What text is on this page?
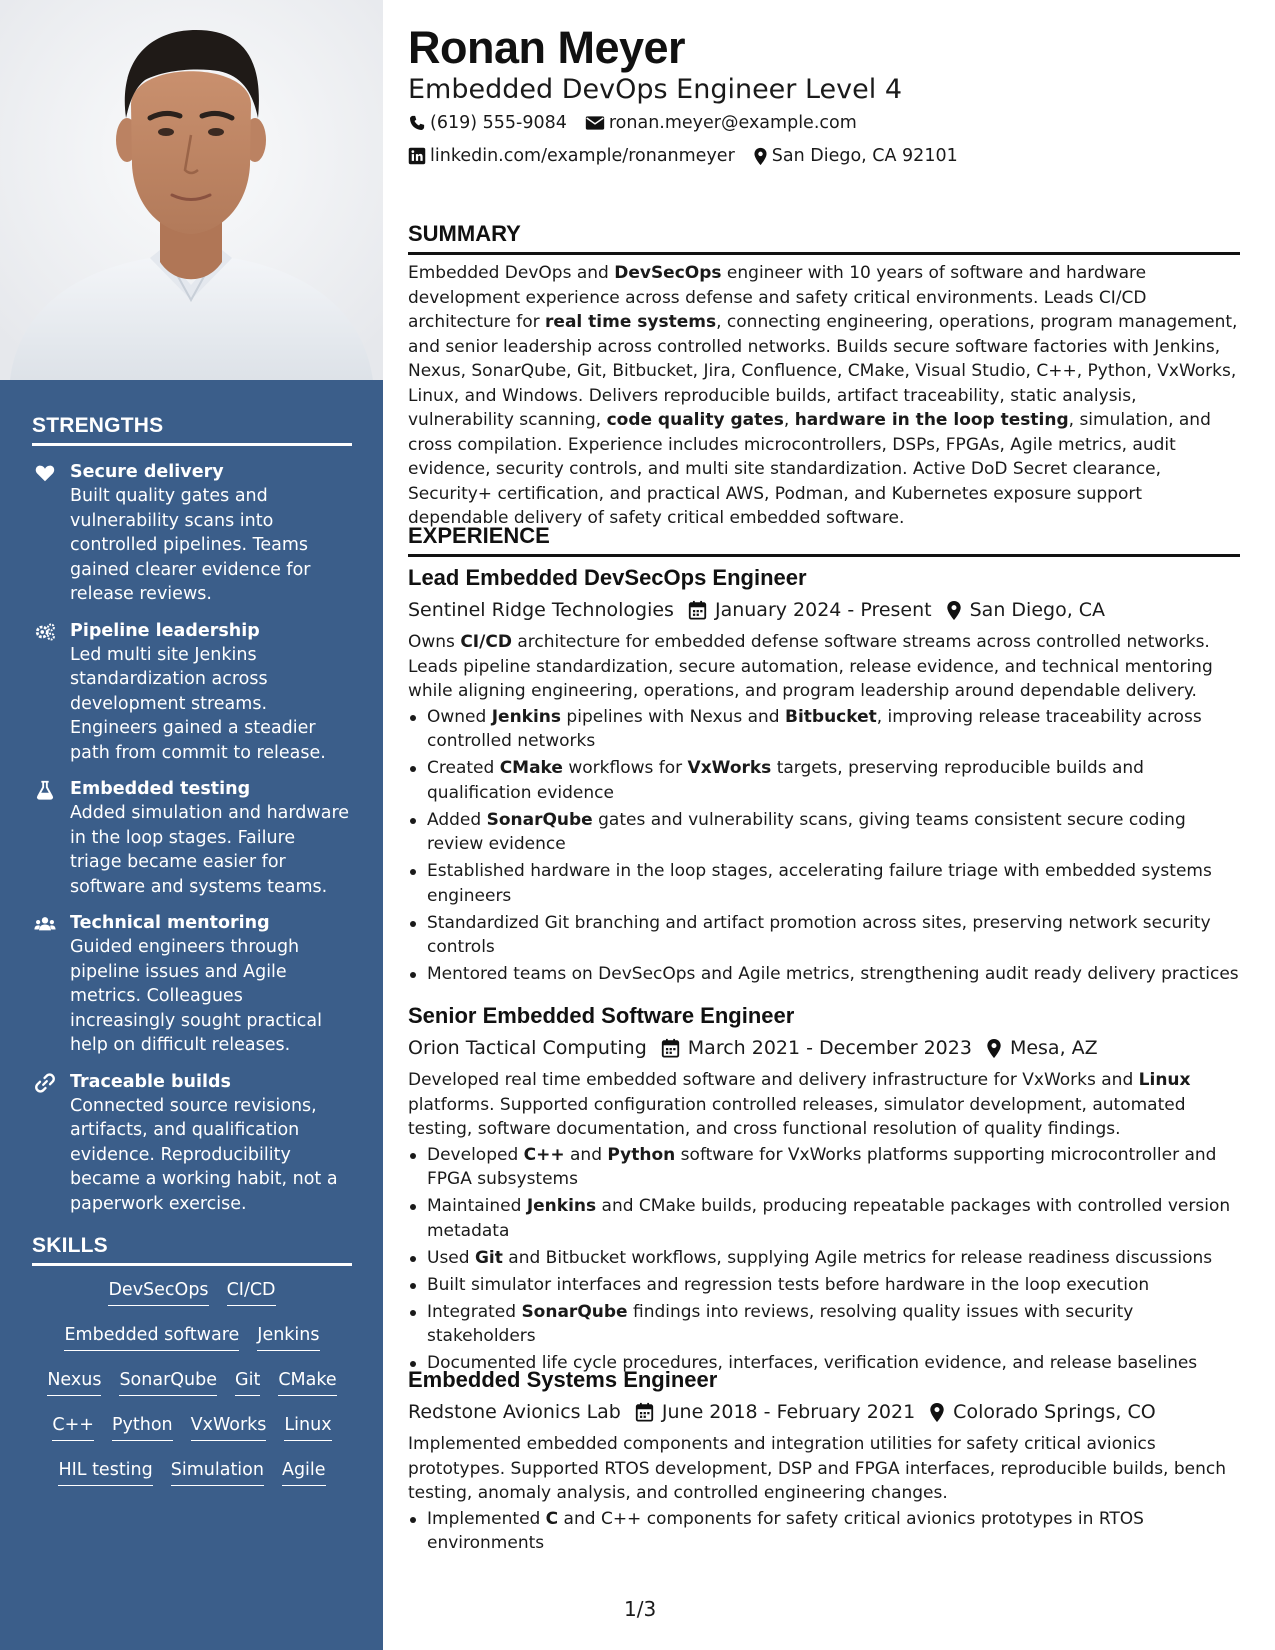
STRENGTHS
Secure delivery
Built quality gates and vulnerability scans into controlled pipelines. Teams gained clearer evidence for release reviews.
Pipeline leadership
Led multi site Jenkins standardization across development streams. Engineers gained a steadier path from commit to release.
Embedded testing
Added simulation and hardware in the loop stages. Failure triage became easier for software and systems teams.
Technical mentoring
Guided engineers through pipeline issues and Agile metrics. Colleagues increasingly sought practical help on difficult releases.
Traceable builds
Connected source revisions, artifacts, and qualification evidence. Reproducibility became a working habit, not a paperwork exercise.
SKILLS
DevSecOps CI/CD
Embedded software Jenkins
Nexus SonarQube Git CMake
C++ Python VxWorks Linux
HIL testing Simulation Agile
Ronan Meyer
Embedded DevOps Engineer Level 4
(619) 555-9084 ronan.meyer@example.com
linkedin.com/example/ronanmeyer San Diego, CA 92101
SUMMARY

Embedded DevOps and DevSecOps engineer with 10 years of software and hardware development experience across defense and safety critical environments. Leads CI/CD architecture for real time systems, connecting engineering, operations, program management, and senior leadership across controlled networks. Builds secure software factories with Jenkins, Nexus, SonarQube, Git, Bitbucket, Jira, Confluence, CMake, Visual Studio, C++, Python, VxWorks, Linux, and Windows. Delivers reproducible builds, artifact traceability, static analysis, vulnerability scanning, code quality gates, hardware in the loop testing, simulation, and cross compilation. Experience includes microcontrollers, DSPs, FPGAs, Agile metrics, audit evidence, security controls, and multi site standardization. Active DoD Secret clearance, Security+ certification, and practical AWS, Podman, and Kubernetes exposure support dependable delivery of safety critical embedded software.

EXPERIENCE
Lead Embedded DevSecOps Engineer
Sentinel Ridge Technologies January 2024 - Present San Diego, CA

Owns CI/CD architecture for embedded defense software streams across controlled networks. Leads pipeline standardization, secure automation, release evidence, and technical mentoring while aligning engineering, operations, and program leadership around dependable delivery.

Owned Jenkins pipelines with Nexus and Bitbucket, improving release traceability across controlled networks
Created CMake workflows for VxWorks targets, preserving reproducible builds and qualification evidence
Added SonarQube gates and vulnerability scans, giving teams consistent secure coding review evidence
Established hardware in the loop stages, accelerating failure triage with embedded systems engineers
Standardized Git branching and artifact promotion across sites, preserving network security controls
Mentored teams on DevSecOps and Agile metrics, strengthening audit ready delivery practices
Senior Embedded Software Engineer
Orion Tactical Computing March 2021 - December 2023 Mesa, AZ

Developed real time embedded software and delivery infrastructure for VxWorks and Linux platforms. Supported configuration controlled releases, simulator development, automated testing, software documentation, and cross functional resolution of quality findings.

Developed C++ and Python software for VxWorks platforms supporting microcontroller and FPGA subsystems
Maintained Jenkins and CMake builds, producing repeatable packages with controlled version metadata
Used Git and Bitbucket workflows, supplying Agile metrics for release readiness discussions
Built simulator interfaces and regression tests before hardware in the loop execution
Integrated SonarQube findings into reviews, resolving quality issues with security stakeholders
Documented life cycle procedures, interfaces, verification evidence, and release baselines
Embedded Systems Engineer
Redstone Avionics Lab June 2018 - February 2021 Colorado Springs, CO

Implemented embedded components and integration utilities for safety critical avionics prototypes. Supported RTOS development, DSP and FPGA interfaces, reproducible builds, bench testing, anomaly analysis, and controlled engineering changes.

Implemented C and C++ components for safety critical avionics prototypes in RTOS environments
1/3
